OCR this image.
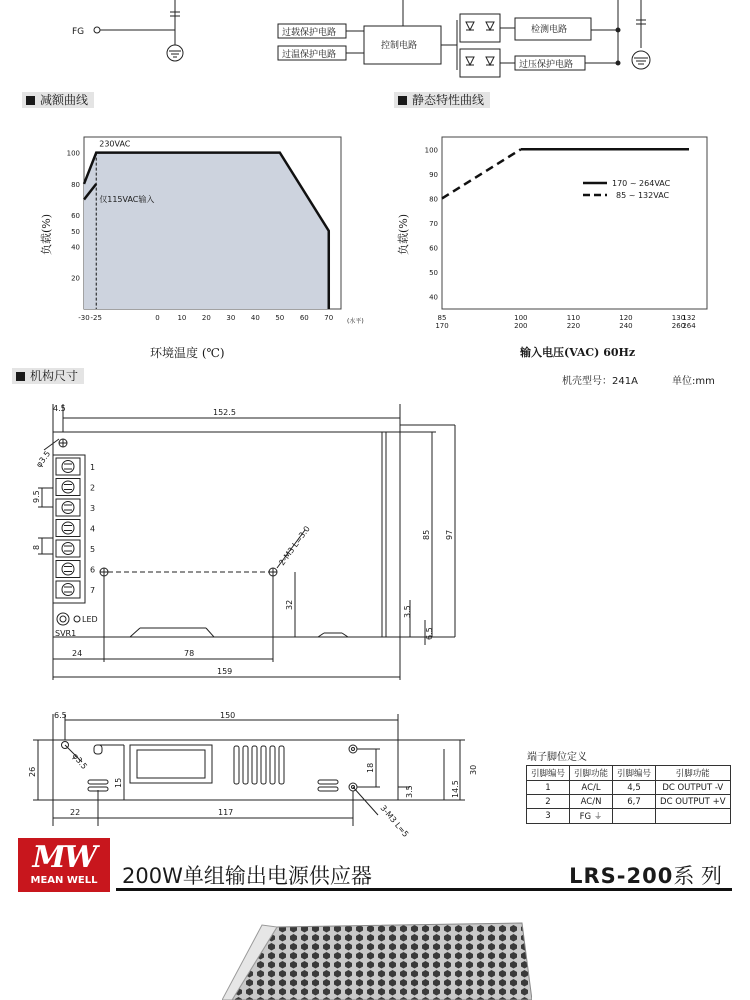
FG	过载保护电路
过温保护电路
控制电路
检测电路
过压保护电路
-30 -25	0	10 20 30 40 50 60 70
20
40
50
60
80
100
(水平)
负载(%)
230VAC
仅115VAC输入
85
170
100
200
110
220
120
240
130
260
132
264
40
50
60
70
80
90
100
负载(%)
170 ~ 264VAC
85 ~ 132VAC
1
2
3
4
5
6
7
4.5	152.5
24	78
159
85 97
32
3.5
6.5
9.5
8	2-M3 L=3.0
φ3.5
SVR1
LED
6.5	150
26
22	117
15
18	30
3.5	14.5
3-M3 L=5
φ3.5
减额曲线	静态特性曲线
机构尺寸
环境温度 (℃)	输入电压(VAC) 60Hz
机壳型号：241A	单位:mm
端子脚位定义
引脚编号	引脚功能	引脚编号	引脚功能
1	AC/L	4,5	DC OUTPUT -V
2	AC/N	6,7	DC OUTPUT +V
3	FG ⏚		
MW
MEAN WELL	200W单组输出电源供应器	LRS-200系 列
